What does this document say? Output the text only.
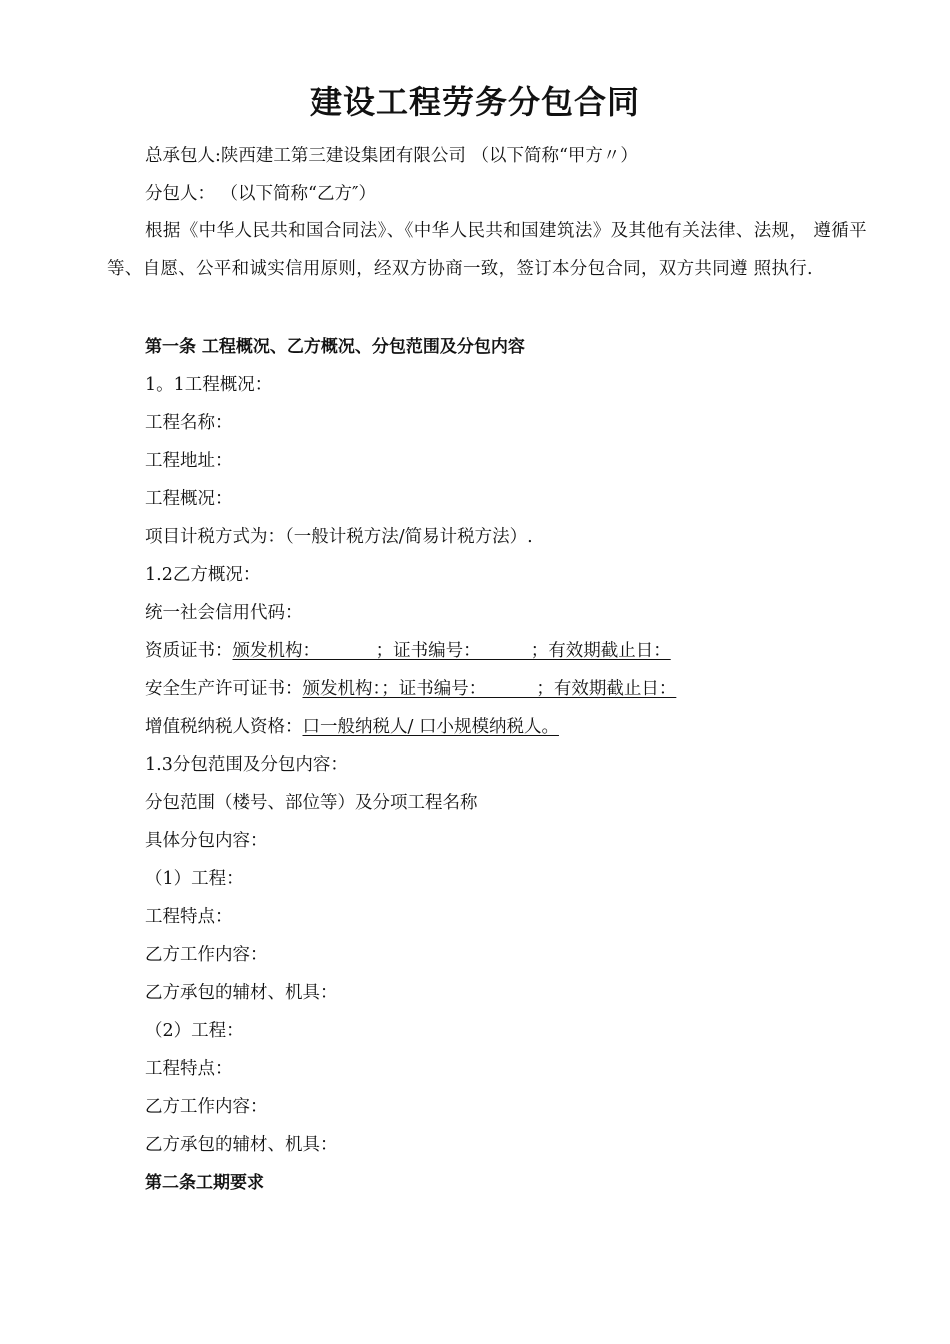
建设工程劳务分包合同
总承包人:陕西建工第三建设集团有限公司 （以下简称“甲方〃）
分包人： （以下简称“乙方″）
根据《中华人民共和国合同法》、《中华人民共和国建筑法》及其他有关法律、法规， 遵循平等、自愿、公平和诚实信用原则，经双方协商一致，签订本分包合同，双方共同遵 照执行.
第一条 工程概况、乙方概况、分包范围及分包内容
1。1工程概况：
工程名称：
工程地址：
工程概况：
项目计税方式为：（一般计税方法/简易计税方法）.
1.2乙方概况：
统一社会信用代码：
资质证书：颁发机构：          ；证书编号：         ；有效期截止日：
安全生产许可证书：颁发机构：；证书编号：         ；有效期截止日：
增值税纳税人资格：口一般纳税人/ 口小规模纳税人。
1.3分包范围及分包内容：
分包范围（楼号、部位等）及分项工程名称
具体分包内容：
（1）工程：
工程特点：
乙方工作内容：
乙方承包的辅材、机具：
（2）工程：
工程特点：
乙方工作内容：
乙方承包的辅材、机具：
第二条工期要求
